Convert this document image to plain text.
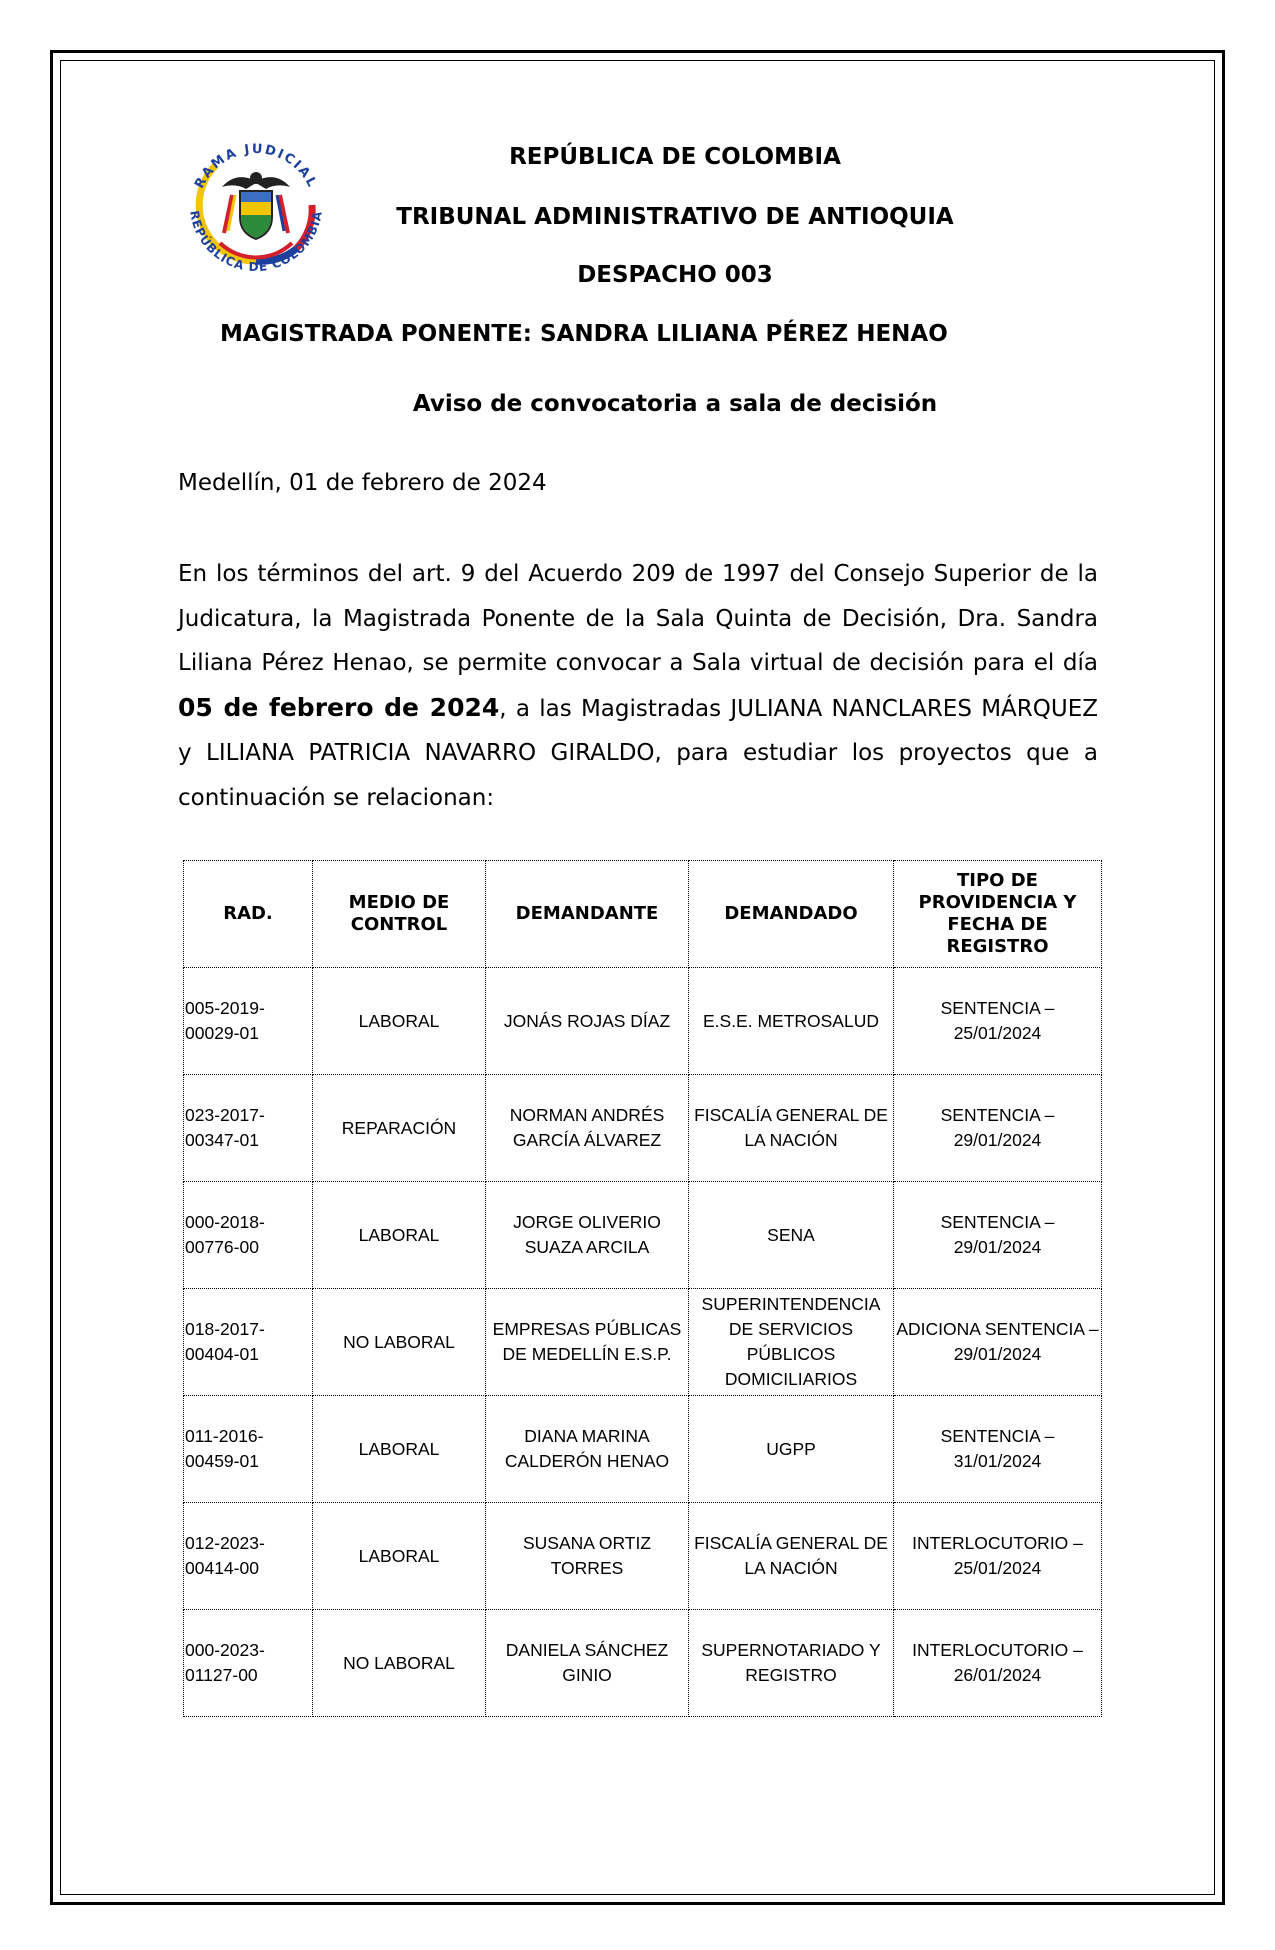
RAMA JUDICIAL
REPÚBLICA DE COLOMBIA
REPÚBLICA DE COLOMBIA
TRIBUNAL ADMINISTRATIVO DE ANTIOQUIA
DESPACHO 003
MAGISTRADA PONENTE: SANDRA LILIANA PÉREZ HENAO
Aviso de convocatoria a sala de decisión
Medellín, 01 de febrero de 2024
En los términos del art. 9 del Acuerdo 209 de 1997 del Consejo Superior de la Judicatura, la Magistrada Ponente de la Sala Quinta de Decisión, Dra. Sandra Liliana Pérez Henao, se permite convocar a Sala virtual de decisión para el día 05 de febrero de 2024, a las Magistradas JULIANA NANCLARES MÁRQUEZ y LILIANA PATRICIA NAVARRO GIRALDO, para estudiar los proyectos que a continuación se relacionan:
RAD.	MEDIO DE CONTROL	DEMANDANTE	DEMANDADO	TIPO DE PROVIDENCIA Y FECHA DE REGISTRO
005-2019-00029-01	LABORAL	JONÁS ROJAS DÍAZ	E.S.E. METROSALUD	SENTENCIA – 25/01/2024
023-2017-00347-01	REPARACIÓN	NORMAN ANDRÉS GARCÍA ÁLVAREZ	FISCALÍA GENERAL DE LA NACIÓN	SENTENCIA – 29/01/2024
000-2018-00776-00	LABORAL	JORGE OLIVERIO SUAZA ARCILA	SENA	SENTENCIA – 29/01/2024
018-2017-00404-01	NO LABORAL	EMPRESAS PÚBLICAS DE MEDELLÍN E.S.P.	SUPERINTENDENCIA DE SERVICIOS PÚBLICOS DOMICILIARIOS	ADICIONA SENTENCIA – 29/01/2024
011-2016-00459-01	LABORAL	DIANA MARINA CALDERÓN HENAO	UGPP	SENTENCIA – 31/01/2024
012-2023-00414-00	LABORAL	SUSANA ORTIZ TORRES	FISCALÍA GENERAL DE LA NACIÓN	INTERLOCUTORIO – 25/01/2024
000-2023-01127-00	NO LABORAL	DANIELA SÁNCHEZ GINIO	SUPERNOTARIADO Y REGISTRO	INTERLOCUTORIO – 26/01/2024
